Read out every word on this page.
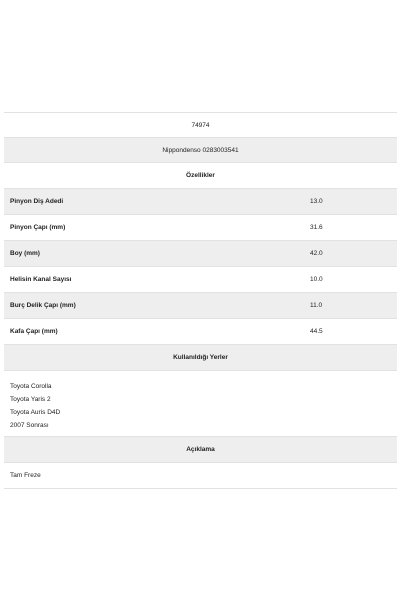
74974
Nippondenso 0283003541
Özellikler
Pinyon Diş Adedi	13.0
Pinyon Çapı (mm)	31.6
Boy (mm)	42.0
Helisin Kanal Sayısı	10.0
Burç Delik Çapı (mm)	11.0
Kafa Çapı (mm)	44.5
Kullanıldığı Yerler
Toyota Corolla
Toyota Yaris 2
Toyota Auris D4D
2007 Sonrası
Açıklama
Tam Freze
